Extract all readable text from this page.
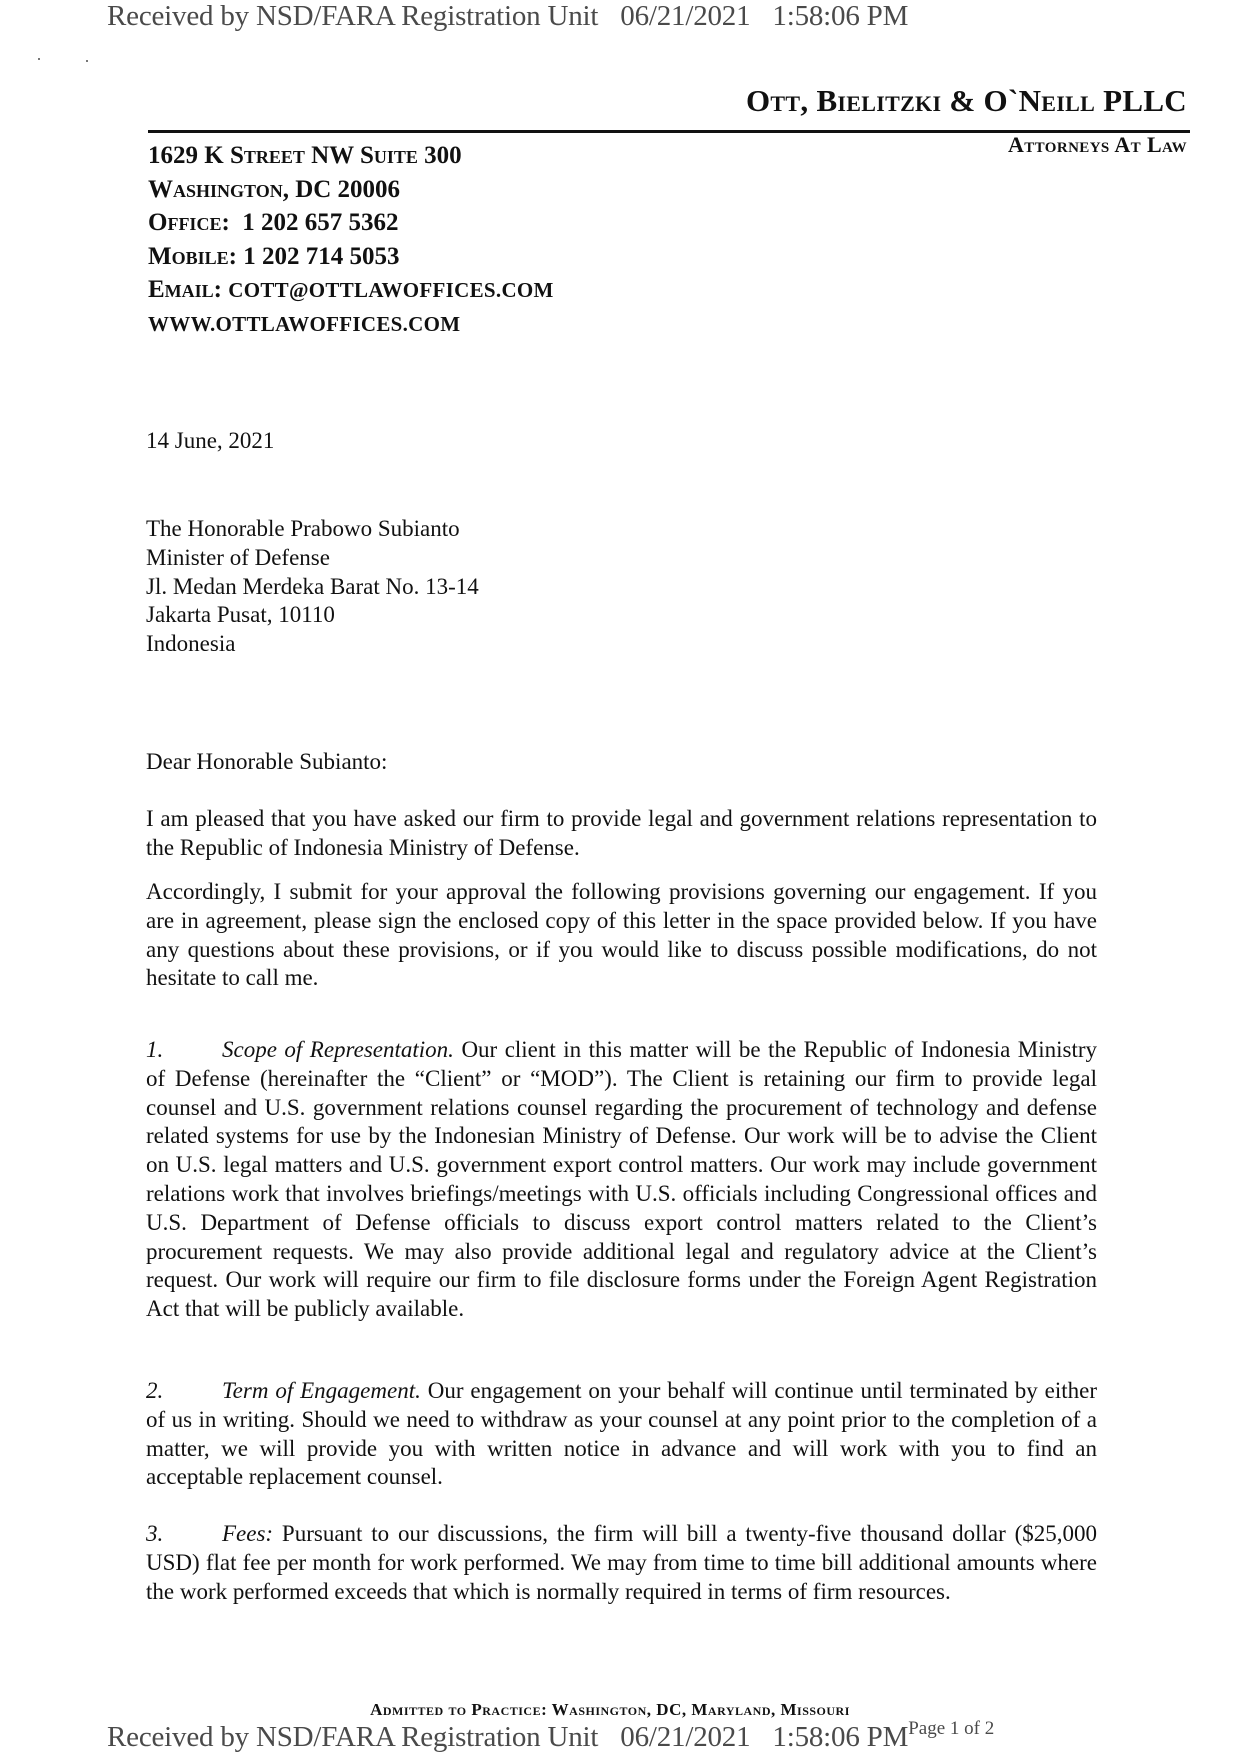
Received by NSD/FARA Registration Unit 06/21/2021 1:58:06 PM
Ott, Bielitzki & O`Neill PLLC
Attorneys At Law
1629 K Street NW Suite 300
Washington, DC 20006
Office: 1 202 657 5362
Mobile: 1 202 714 5053
Email: COTT@OTTLAWOFFICES.COM
WWW.OTTLAWOFFICES.COM
14 June, 2021
The Honorable Prabowo Subianto
Minister of Defense
Jl. Medan Merdeka Barat No. 13-14
Jakarta Pusat, 10110
Indonesia
Dear Honorable Subianto:
I am pleased that you have asked our firm to provide legal and government relations representation to the Republic of Indonesia Ministry of Defense.
Accordingly, I submit for your approval the following provisions governing our engagement. If you are in agreement, please sign the enclosed copy of this letter in the space provided below. If you have any questions about these provisions, or if you would like to discuss possible modifications, do not hesitate to call me.
1.	Scope of Representation. Our client in this matter will be the Republic of Indonesia Ministry of Defense (hereinafter the “Client” or “MOD”). The Client is retaining our firm to provide legal counsel and U.S. government relations counsel regarding the procurement of technology and defense related systems for use by the Indonesian Ministry of Defense. Our work will be to advise the Client on U.S. legal matters and U.S. government export control matters. Our work may include government relations work that involves briefings/meetings with U.S. officials including Congressional offices and U.S. Department of Defense officials to discuss export control matters related to the Client’s procurement requests. We may also provide additional legal and regulatory advice at the Client’s request. Our work will require our firm to file disclosure forms under the Foreign Agent Registration Act that will be publicly available.
2.	Term of Engagement. Our engagement on your behalf will continue until terminated by either of us in writing. Should we need to withdraw as your counsel at any point prior to the completion of a matter, we will provide you with written notice in advance and will work with you to find an acceptable replacement counsel.
3.	Fees: Pursuant to our discussions, the firm will bill a twenty-five thousand dollar ($25,000 USD) flat fee per month for work performed. We may from time to time bill additional amounts where the work performed exceeds that which is normally required in terms of firm resources.
Admitted to Practice: Washington, DC, Maryland, Missouri
Received by NSD/FARA Registration Unit 06/21/2021 1:58:06 $PM^{Page 1 of 2}$
